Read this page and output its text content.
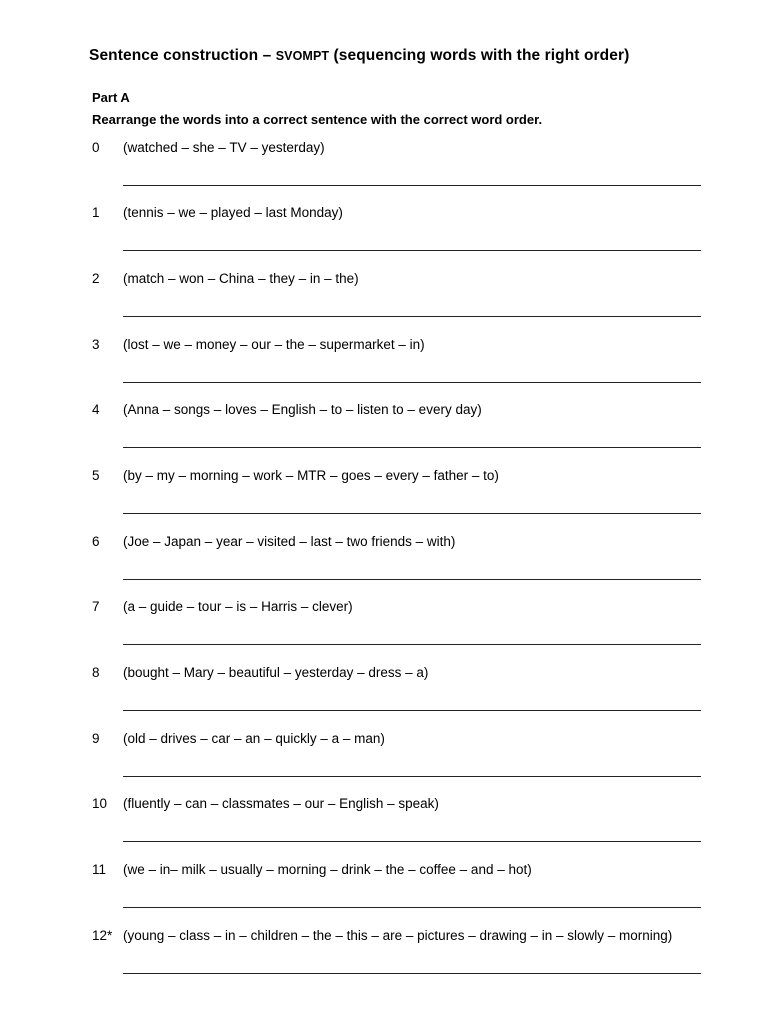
Sentence construction – SVOMPT (sequencing words with the right order)
Part A
Rearrange the words into a correct sentence with the correct word order.
0 (watched – she – TV – yesterday)
1 (tennis – we – played – last Monday)
2 (match – won – China – they – in – the)
3 (lost – we – money – our – the – supermarket – in)
4 (Anna – songs – loves – English – to – listen to – every day)
5 (by – my – morning – work – MTR – goes – every – father – to)
6 (Joe – Japan – year – visited – last – two friends – with)
7 (a – guide – tour – is – Harris – clever)
8 (bought – Mary – beautiful – yesterday – dress – a)
9 (old – drives – car – an – quickly – a – man)
10 (fluently – can – classmates – our – English – speak)
11 (we – in– milk – usually – morning – drink – the – coffee – and – hot)
12* (young – class – in – children – the – this – are – pictures – drawing – in – slowly – morning)
